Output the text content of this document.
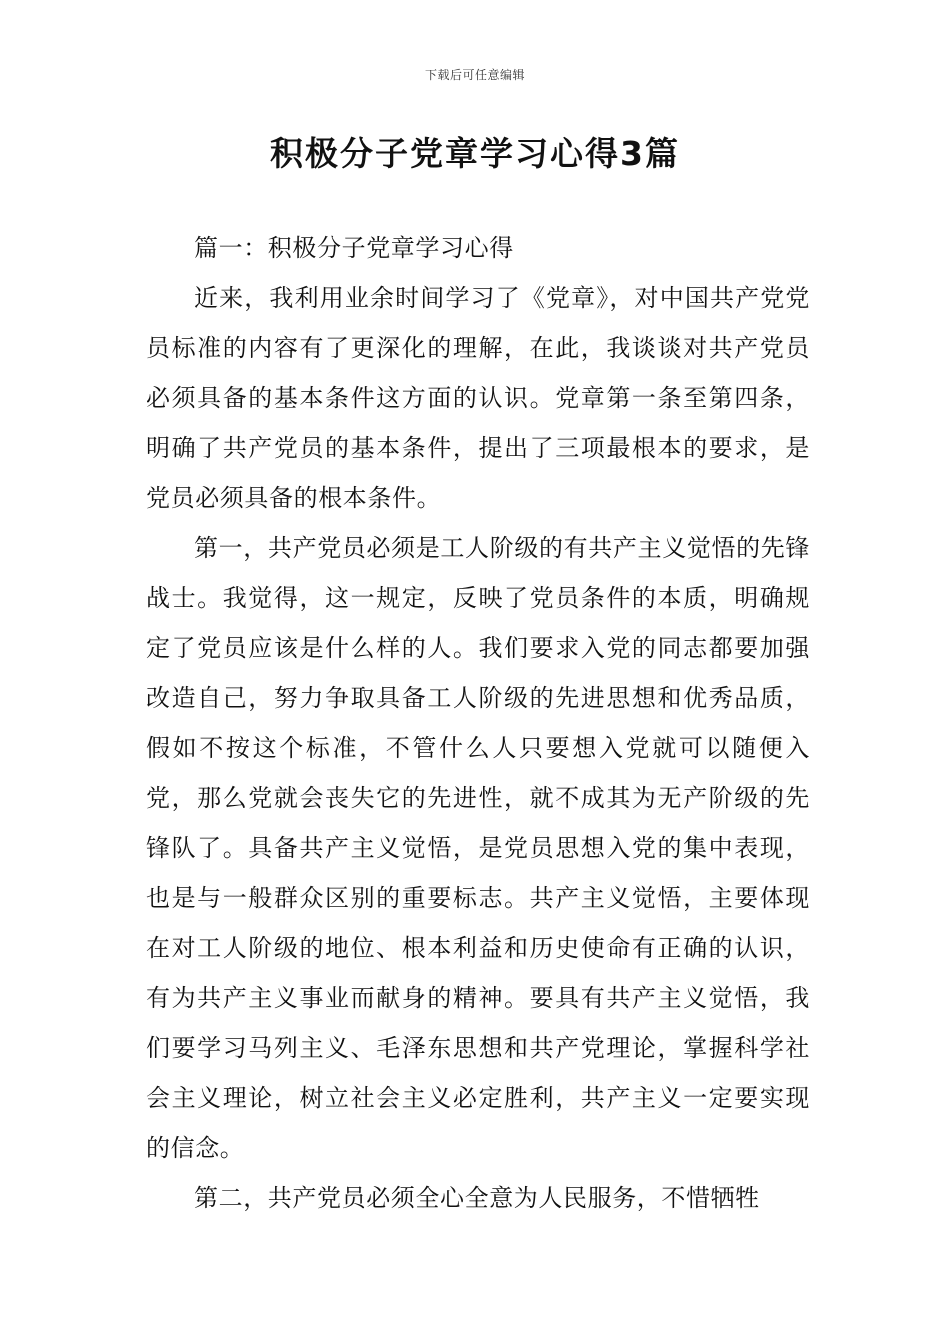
下载后可任意编辑
积极分子党章学习心得3篇

篇一：积极分子党章学习心得

近来，我利用业余时间学习了《党章》，对中国共产党党员标准的内容有了更深化的理解，在此，我谈谈对共产党员必须具备的基本条件这方面的认识。党章第一条至第四条，明确了共产党员的基本条件，提出了三项最根本的要求，是党员必须具备的根本条件。

第一，共产党员必须是工人阶级的有共产主义觉悟的先锋战士。我觉得，这一规定，反映了党员条件的本质，明确规定了党员应该是什么样的人。我们要求入党的同志都要加强改造自己，努力争取具备工人阶级的先进思想和优秀品质，假如不按这个标准，不管什么人只要想入党就可以随便入党，那么党就会丧失它的先进性，就不成其为无产阶级的先锋队了。具备共产主义觉悟，是党员思想入党的集中表现，也是与一般群众区别的重要标志。共产主义觉悟，主要体现在对工人阶级的地位、根本利益和历史使命有正确的认识，有为共产主义事业而献身的精神。要具有共产主义觉悟，我们要学习马列主义、毛泽东思想和共产党理论，掌握科学社会主义理论，树立社会主义必定胜利，共产主义一定要实现的信念。

第二，共产党员必须全心全意为人民服务，不惜牺牲
